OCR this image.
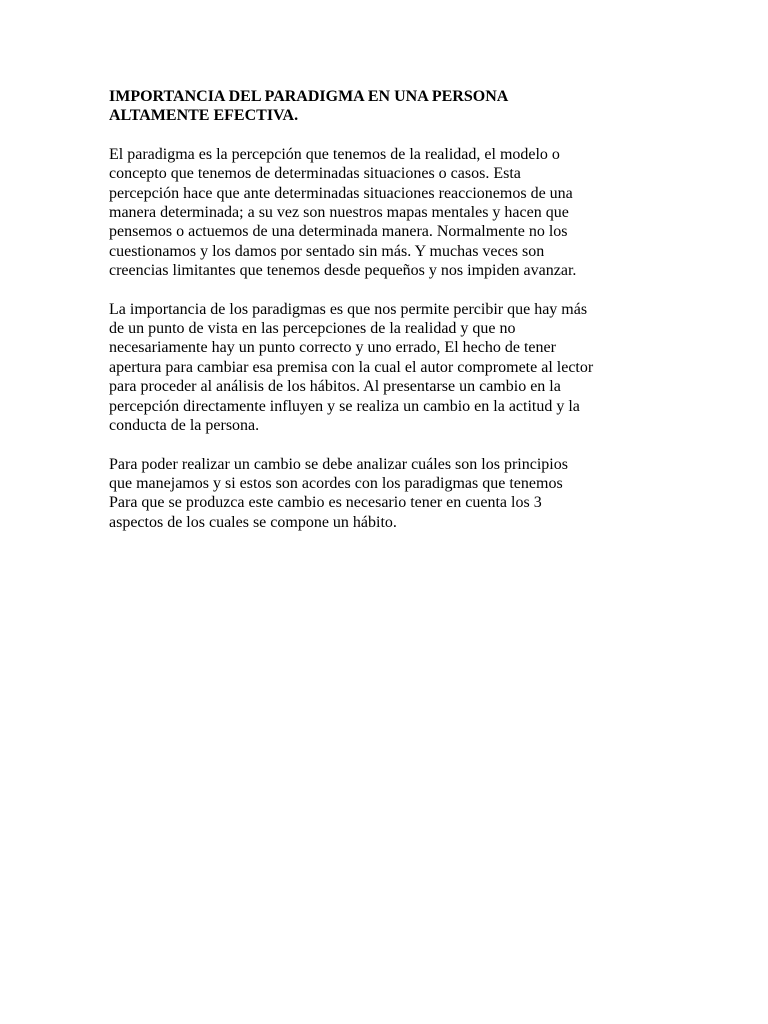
IMPORTANCIA DEL PARADIGMA EN UNA PERSONA
ALTAMENTE EFECTIVA.

El paradigma es la percepción que tenemos de la realidad, el modelo o
concepto que tenemos de determinadas situaciones o casos. Esta
percepción hace que ante determinadas situaciones reaccionemos de una
manera determinada; a su vez son nuestros mapas mentales y hacen que
pensemos o actuemos de una determinada manera. Normalmente no los
cuestionamos y los damos por sentado sin más. Y muchas veces son
creencias limitantes que tenemos desde pequeños y nos impiden avanzar.

La importancia de los paradigmas es que nos permite percibir que hay más
de un punto de vista en las percepciones de la realidad y que no
necesariamente hay un punto correcto y uno errado, El hecho de tener
apertura para cambiar esa premisa con la cual el autor compromete al lector
para proceder al análisis de los hábitos. Al presentarse un cambio en la
percepción directamente influyen y se realiza un cambio en la actitud y la
conducta de la persona.

Para poder realizar un cambio se debe analizar cuáles son los principios
que manejamos y si estos son acordes con los paradigmas que tenemos
Para que se produzca este cambio es necesario tener en cuenta los 3
aspectos de los cuales se compone un hábito.
